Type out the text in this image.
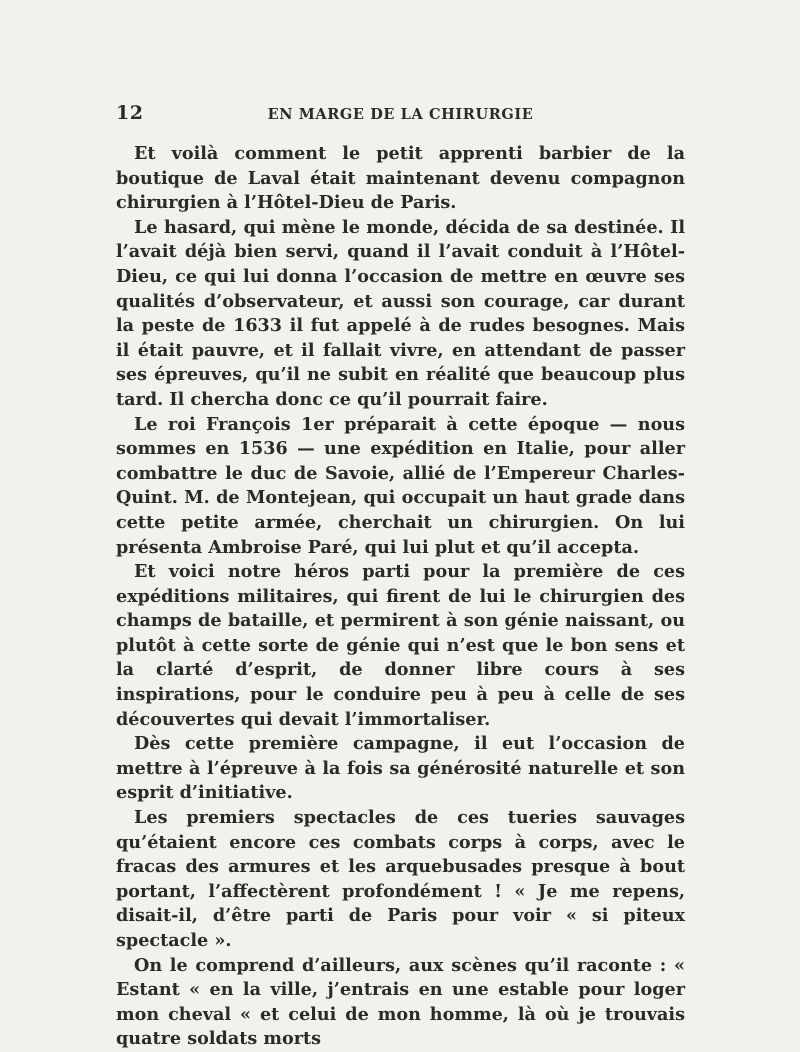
12	EN MARGE DE LA CHIRURGIE

Et voilà comment le petit apprenti barbier de la boutique de Laval était maintenant devenu compagnon chirurgien à l’Hôtel-Dieu de Paris.

Le hasard, qui mène le monde, décida de sa destinée. Il l’avait déjà bien servi, quand il l’avait conduit à l’Hôtel-Dieu, ce qui lui donna l’occasion de mettre en œuvre ses qualités d’observateur, et aussi son courage, car durant la peste de 1633 il fut appelé à de rudes besognes. Mais il était pauvre, et il fallait vivre, en attendant de passer ses épreuves, qu’il ne subit en réalité que beaucoup plus tard. Il chercha donc ce qu’il pourrait faire.

Le roi François 1er préparait à cette époque — nous sommes en 1536 — une expédition en Italie, pour aller combattre le duc de Savoie, allié de l’Empereur Charles-Quint. M. de Montejean, qui occupait un haut grade dans cette petite armée, cherchait un chirurgien. On lui présenta Ambroise Paré, qui lui plut et qu’il accepta.

Et voici notre héros parti pour la première de ces expéditions militaires, qui firent de lui le chirurgien des champs de bataille, et permirent à son génie naissant, ou plutôt à cette sorte de génie qui n’est que le bon sens et la clarté d’esprit, de donner libre cours à ses inspirations, pour le conduire peu à peu à celle de ses découvertes qui devait l’immortaliser.

Dès cette première campagne, il eut l’occasion de mettre à l’épreuve à la fois sa générosité naturelle et son esprit d’initiative.

Les premiers spectacles de ces tueries sauvages qu’étaient encore ces combats corps à corps, avec le fracas des armures et les arquebusades presque à bout portant, l’affectèrent profondément ! « Je me repens, disait-il, d’être parti de Paris pour voir « si piteux spectacle ».

On le comprend d’ailleurs, aux scènes qu’il raconte : « Estant « en la ville, j’entrais en une estable pour loger mon cheval « et celui de mon homme, là où je trouvais quatre soldats morts
